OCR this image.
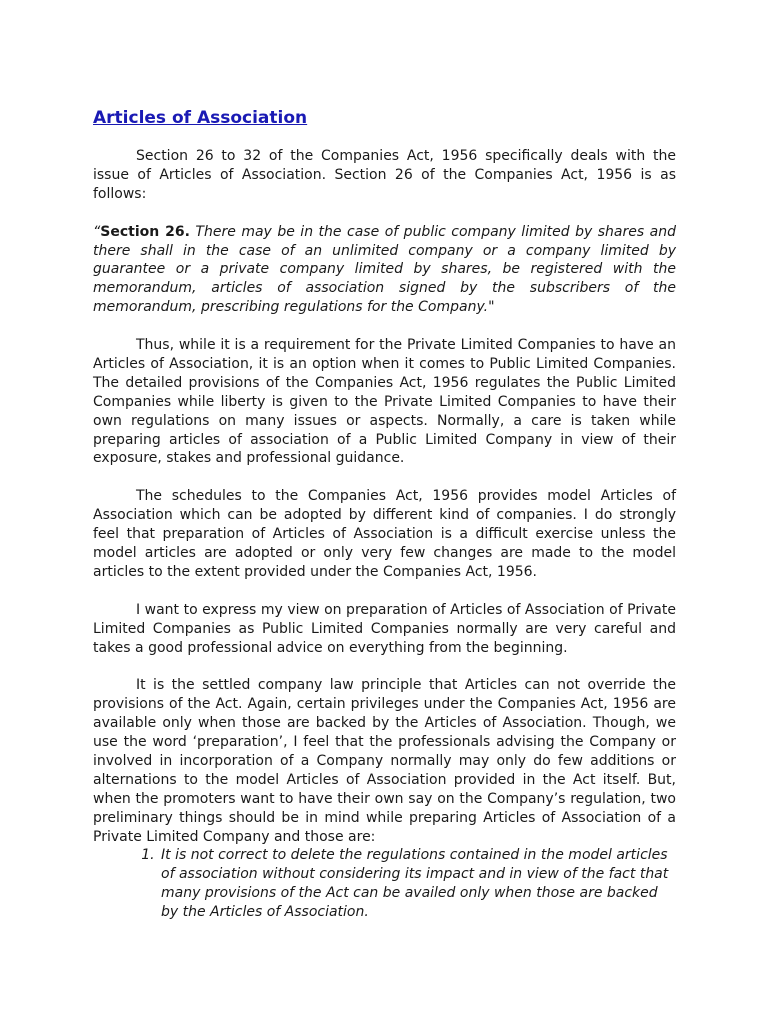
Articles of Association

Section 26 to 32 of the Companies Act, 1956 specifically deals with the issue of Articles of Association. Section 26 of the Companies Act, 1956 is as follows:

“Section 26. There may be in the case of public company limited by shares and there shall in the case of an unlimited company or a company limited by guarantee or a private company limited by shares, be registered with the memorandum, articles of association signed by the subscribers of the memorandum, prescribing regulations for the Company."

Thus, while it is a requirement for the Private Limited Companies to have an Articles of Association, it is an option when it comes to Public Limited Companies. The detailed provisions of the Companies Act, 1956 regulates the Public Limited Companies while liberty is given to the Private Limited Companies to have their own regulations on many issues or aspects. Normally, a care is taken while preparing articles of association of a Public Limited Company in view of their exposure, stakes and professional guidance.

The schedules to the Companies Act, 1956 provides model Articles of Association which can be adopted by different kind of companies. I do strongly feel that preparation of Articles of Association is a difficult exercise unless the model articles are adopted or only very few changes are made to the model articles to the extent provided under the Companies Act, 1956.

I want to express my view on preparation of Articles of Association of Private Limited Companies as Public Limited Companies normally are very careful and takes a good professional advice on everything from the beginning.

It is the settled company law principle that Articles can not override the provisions of the Act. Again, certain privileges under the Companies Act, 1956 are available only when those are backed by the Articles of Association. Though, we use the word ‘preparation’, I feel that the professionals advising the Company or involved in incorporation of a Company normally may only do few additions or alternations to the model Articles of Association provided in the Act itself. But, when the promoters want to have their own say on the Company’s regulation, two preliminary things should be in mind while preparing Articles of Association of a Private Limited Company and those are:

1. It is not correct to delete the regulations contained in the model articles of association without considering its impact and in view of the fact that many provisions of the Act can be availed only when those are backed by the Articles of Association.
